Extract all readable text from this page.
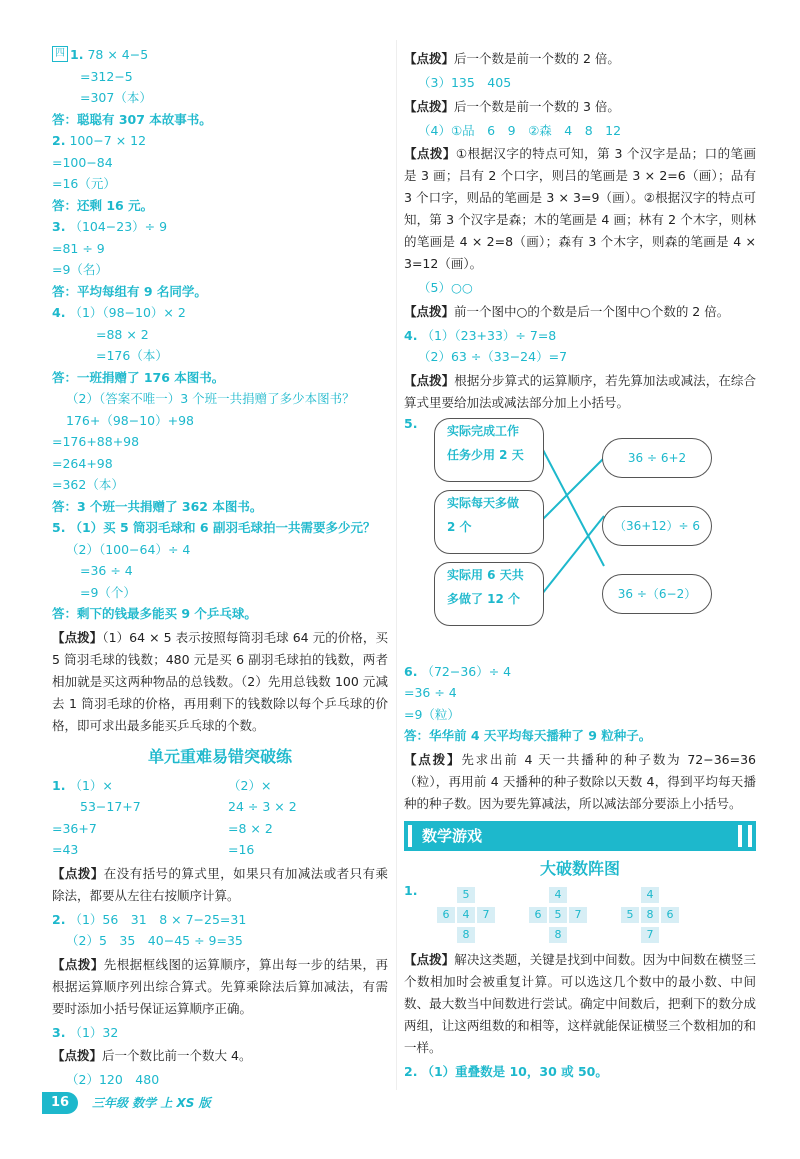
四 1. 78 × 4−5
=312−5
=307（本）
答：聪聪有 307 本故事书。
2. 100−7 × 12
=100−84
=16（元）
答：还剩 16 元。
3. （104−23）÷ 9
=81 ÷ 9
=9（名）
答：平均每组有 9 名同学。
4. （1）（98−10）× 2
=88 × 2
=176（本）
答：一班捐赠了 176 本图书。
（2）（答案不唯一）3 个班一共捐赠了多少本图书？
176+（98−10）+98
=176+88+98
=264+98
=362（本）
答：3 个班一共捐赠了 362 本图书。
5. （1）买 5 筒羽毛球和 6 副羽毛球拍一共需要多少元？
（2）（100−64）÷ 4
=36 ÷ 4
=9（个）
答：剩下的钱最多能买 9 个乒乓球。
【点拨】（1）64 × 5 表示按照每筒羽毛球 64 元的价格，买 5 筒羽毛球的钱数；480 元是买 6 副羽毛球拍的钱数，两者相加就是买这两种物品的总钱数。（2）先用总钱数 100 元减去 1 筒羽毛球的价格，再用剩下的钱数除以每个乒乓球的价格，即可求出最多能买乒乓球的个数。
单元重难易错突破练
1. （1）×	（2）×
53−17+7	24 ÷ 3 × 2
=36+7	=8 × 2
=43	=16
【点拨】在没有括号的算式里，如果只有加减法或者只有乘除法，都要从左往右按顺序计算。
2. （1）56　31　8 × 7−25=31
（2）5　35　40−45 ÷ 9=35
【点拨】先根据框线图的运算顺序，算出每一步的结果，再根据运算顺序列出综合算式。先算乘除法后算加减法，有需要时添加小括号保证运算顺序正确。
3. （1）32
【点拨】后一个数比前一个数大 4。
（2）120　480
【点拨】后一个数是前一个数的 2 倍。
（3）135　405
【点拨】后一个数是前一个数的 3 倍。
（4）①品　6　9　②森　4　8　12
【点拨】①根据汉字的特点可知，第 3 个汉字是品；口的笔画是 3 画；吕有 2 个口字，则吕的笔画是 3 × 2=6（画）；品有 3 个口字，则品的笔画是 3 × 3=9（画）。②根据汉字的特点可知，第 3 个汉字是森；木的笔画是 4 画；林有 2 个木字，则林的笔画是 4 × 2=8（画）；森有 3 个木字，则森的笔画是 4 × 3=12（画）。
（5）○○
【点拨】前一个图中○的个数是后一个图中○个数的 2 倍。
4. （1）（23+33）÷ 7=8
（2）63 ÷（33−24）=7
【点拨】根据分步算式的运算顺序，若先算加法或减法，在综合算式里要给加法或减法部分加上小括号。
5.	实际完成工作
任务少用 2 天
实际每天多做
2 个
实际用 6 天共
多做了 12 个
36 ÷ 6+2
（36+12）÷ 6
36 ÷（6−2）
6. （72−36）÷ 4
=36 ÷ 4
=9（粒）
答：华华前 4 天平均每天播种了 9 粒种子。
【点拨】先求出前 4 天一共播种的种子数为 72−36=36（粒），再用前 4 天播种的种子数除以天数 4，得到平均每天播种的种子数。因为要先算减法，所以减法部分要添上小括号。
数学游戏
大破数阵图
1.	5
6	4	7
8
4
6	5	7
8
4
5	8	6
7
【点拨】解决这类题，关键是找到中间数。因为中间数在横竖三个数相加时会被重复计算。可以选这几个数中的最小数、中间数、最大数当中间数进行尝试。确定中间数后，把剩下的数分成两组，让这两组数的和相等，这样就能保证横竖三个数相加的和一样。
2. （1）重叠数是 10，30 或 50。
16	三年级 数学 上 XS 版
